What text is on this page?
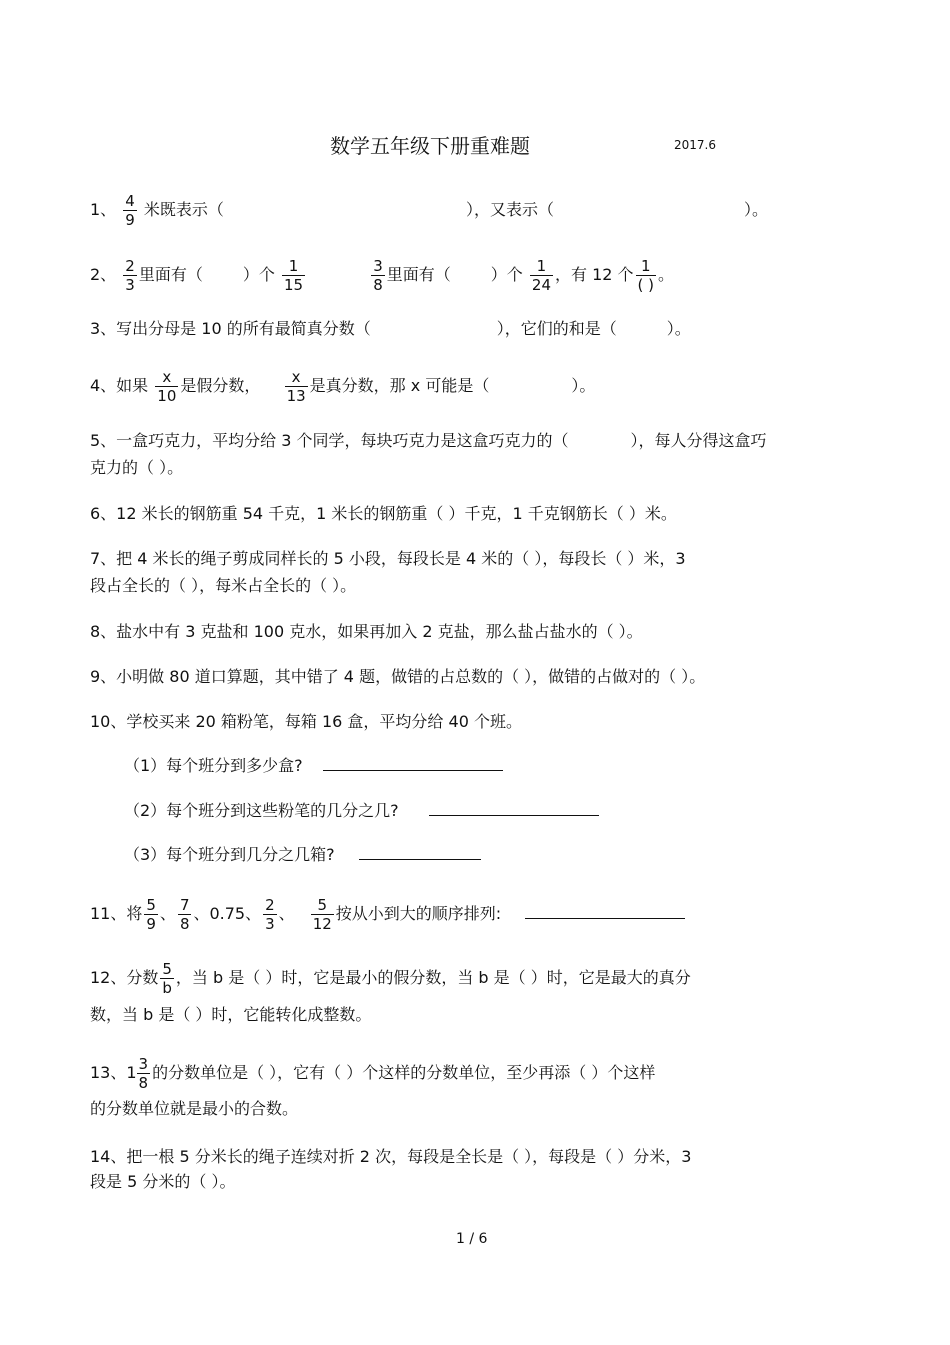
数学五年级下册重难题	2017.6
1、 $\frac{4}{9}$ 米既表示（	），又表示（	）。
2、 $\frac{2}{3}$ 里面有（	）个 $\frac{1}{15}$
	$\frac{3}{8}$ 里面有（	）个 $\frac{1}{24}$ ，有 12 个 $\frac{1}{( )}$ 。
3、写出分母是 10 的所有最简真分数（	），它们的和是（	）。
4、如果 $\frac{x}{10}$ 是假分数， $\frac{x}{13}$ 是真分数，那 x 可能是（	）。
5、一盒巧克力，平均分给 3 个同学，每块巧克力是这盒巧克力的（	），每人分得这盒巧
克力的（ ）。
6、12 米长的钢筋重 54 千克，1 米长的钢筋重（ ）千克，1 千克钢筋长（ ）米。
7、把 4 米长的绳子剪成同样长的 5 小段，每段长是 4 米的（ ），每段长（ ）米，3
段占全长的（ ），每米占全长的（ ）。
8、盐水中有 3 克盐和 100 克水，如果再加入 2 克盐，那么盐占盐水的（ ）。
9、小明做 80 道口算题，其中错了 4 题，做错的占总数的（ ），做错的占做对的（ ）。
10、学校买来 20 箱粉笔，每箱 16 盒，平均分给 40 个班。
（1）每个班分到多少盒?
（2）每个班分到这些粉笔的几分之几?
（3）每个班分到几分之几箱?
11、将 $\frac{5}{9}$ 、 $\frac{7}{8}$ 、0.75、 $\frac{2}{3}$ 、 $\frac{5}{12}$ 按从小到大的顺序排列:
12、分数 $\frac{5}{b}$ ，当 b 是（ ）时，它是最小的假分数，当 b 是（ ）时，它是最大的真分
数，当 b 是（ ）时，它能转化成整数。
13、$1 \frac{3}{8}$ 的分数单位是（ ），它有（ ）个这样的分数单位，至少再添（ ）个这样
的分数单位就是最小的合数。
14、把一根 5 分米长的绳子连续对折 2 次，每段是全长是（ ），每段是（ ）分米，3
段是 5 分米的（ ）。
1 / 6
